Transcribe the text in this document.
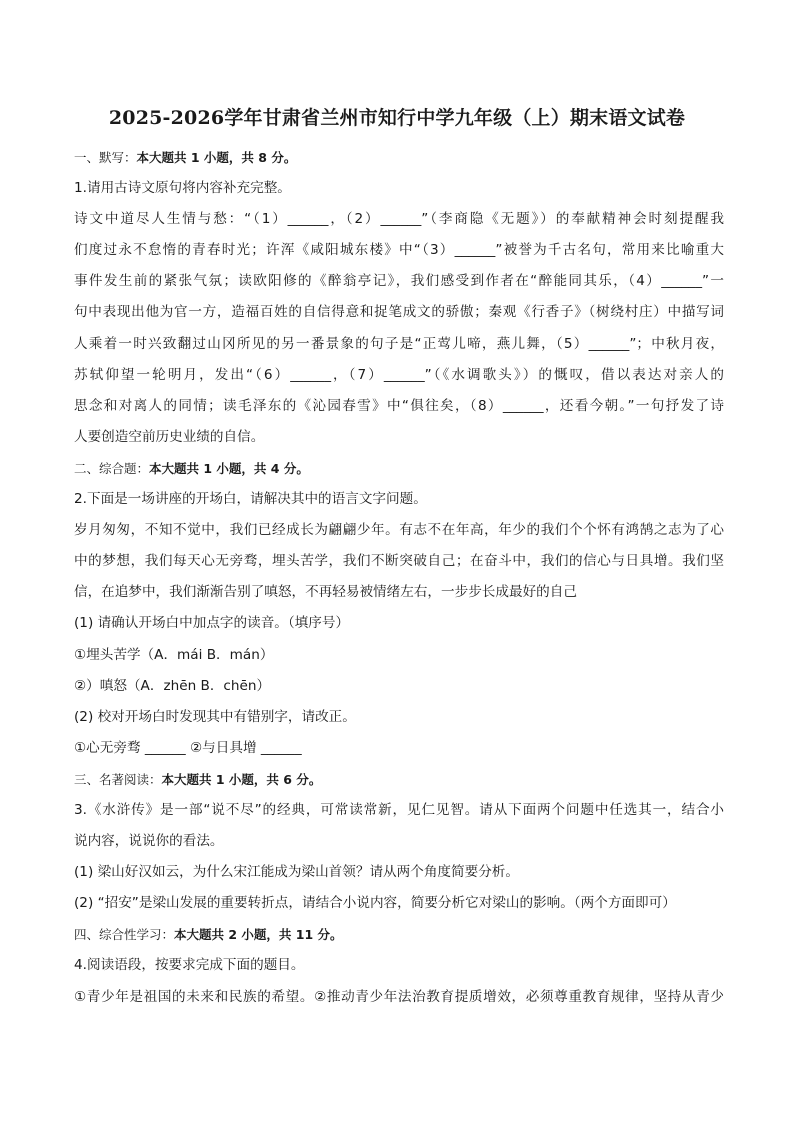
2025-2026学年甘肃省兰州市知行中学九年级（上）期末语文试卷
一、默写：本大题共 1 小题，共 8 分。
1.请用古诗文原句将内容补充完整。
诗文中道尽人生情与愁：“（1）______，（2）______”（李商隐《无题》）的奉献精神会时刻提醒我
们度过永不怠惰的青春时光；许浑《咸阳城东楼》中“（3）______”被誉为千古名句，常用来比喻重大
事件发生前的紧张气氛；读欧阳修的《醉翁亭记》，我们感受到作者在“醉能同其乐，（4）______”一
句中表现出他为官一方，造福百姓的自信得意和捉笔成文的骄傲；秦观《行香子》（树绕村庄）中描写词
人乘着一时兴致翻过山冈所见的另一番景象的句子是“正莺儿啼，燕儿舞，（5）______”；中秋月夜，
苏轼仰望一轮明月，发出“（6）______，（7）______”（《水调歌头》）的慨叹，借以表达对亲人的
思念和对离人的同情；读毛泽东的《沁园春雪》中“俱往矣，（8）______，还看今朝。”一句抒发了诗
人要创造空前历史业绩的自信。
二、综合题：本大题共 1 小题，共 4 分。
2.下面是一场讲座的开场白，请解决其中的语言文字问题。
岁月匆匆，不知不觉中，我们已经成长为翩翩少年。有志不在年高，年少的我们个个怀有鸿鹄之志为了心
中的梦想，我们每天心无旁骛，埋头苦学，我们不断突破自己；在奋斗中，我们的信心与日具增。我们坚
信，在追梦中，我们渐渐告别了嗔怒，不再轻易被情绪左右，一步步长成最好的自己
(1) 请确认开场白中加点字的读音。（填序号）
①埋头苦学（A．mái B．mán）
②）嗔怒（A．zhēn B．chēn）
(2) 校对开场白时发现其中有错别字，请改正。
①心无旁骛 ______ ②与日具增 ______
三、名著阅读：本大题共 1 小题，共 6 分。
3.《水浒传》是一部“说不尽”的经典，可常读常新，见仁见智。请从下面两个问题中任选其一，结合小
说内容，说说你的看法。
(1) 梁山好汉如云，为什么宋江能成为梁山首领？请从两个角度简要分析。
(2) “招安”是梁山发展的重要转折点，请结合小说内容，简要分析它对梁山的影响。（两个方面即可）
四、综合性学习：本大题共 2 小题，共 11 分。
4.阅读语段，按要求完成下面的题目。
①青少年是祖国的未来和民族的希望。②推动青少年法治教育提质增效，必须尊重教育规律，坚持从青少
